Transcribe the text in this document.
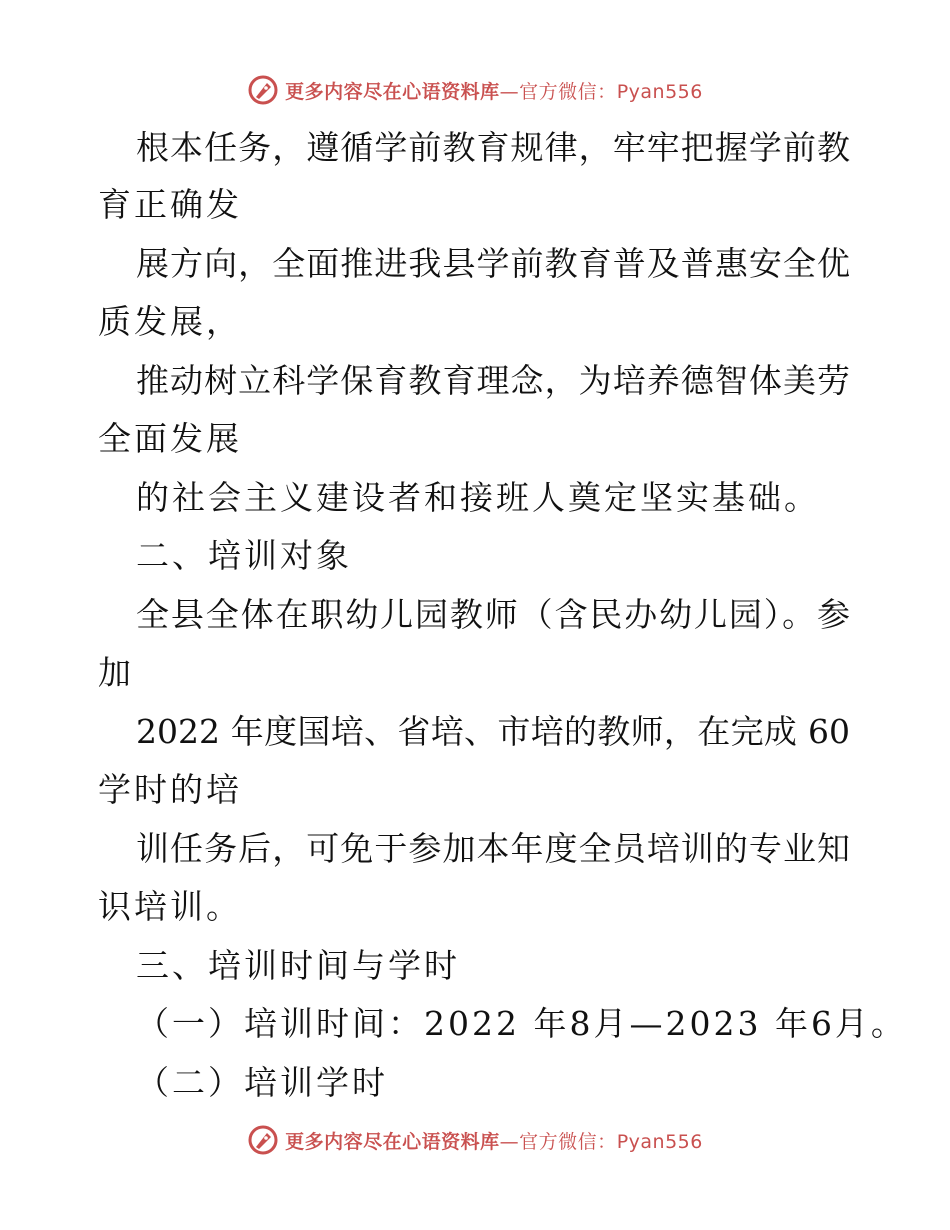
更多内容尽在心语资料库—官方微信：Pyan556
根本任务，遵循学前教育规律，牢牢把握学前教
育正确发
展方向，全面推进我县学前教育普及普惠安全优
质发展，
推动树立科学保育教育理念，为培养德智体美劳
全面发展
的社会主义建设者和接班人奠定坚实基础。
二、培训对象
全县全体在职幼儿园教师（含民办幼儿园）。参
加
2022 年度国培、省培、市培的教师，在完成 60
学时的培
训任务后，可免于参加本年度全员培训的专业知
识培训。
三、培训时间与学时
（一）培训时间：2022 年8月—2023 年6月。
（二）培训学时
更多内容尽在心语资料库—官方微信：Pyan556
